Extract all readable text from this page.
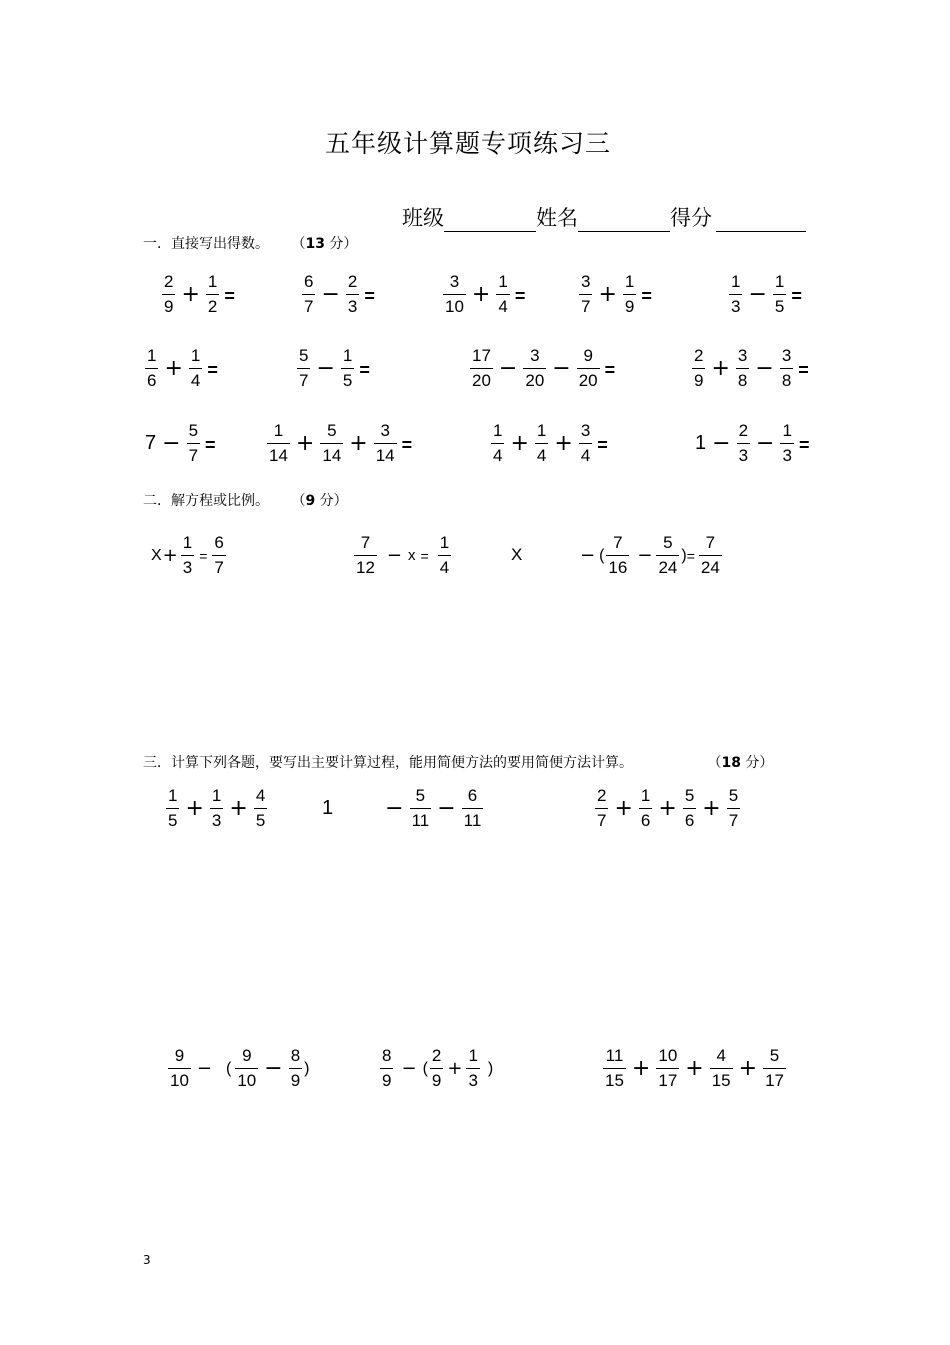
五年级计算题专项练习三
班级	姓名	得分
一．直接写出得数。 （13 分）
$\frac{2}{9} + \frac{1}{2}$ =	$\frac{6}{7} - \frac{2}{3}$ =	$\frac{3}{10} + \frac{1}{4}$ =	$\frac{3}{7} + \frac{1}{9}$ =	$\frac{1}{3} - \frac{1}{5}$ =
$\frac{1}{6} + \frac{1}{4}$ =	$\frac{5}{7} - \frac{1}{5}$ =	$\frac{17}{20} - \frac{3}{20} - \frac{9}{20}$ =	$\frac{2}{9} + \frac{3}{8} - \frac{3}{8}$ =
$7 - \frac{5}{7}$ =	$\frac{1}{14} + \frac{5}{14} + \frac{3}{14}$ =	$\frac{1}{4} + \frac{1}{4} + \frac{3}{4}$ =	$1 - \frac{2}{3} - \frac{1}{3}$ =
二．解方程或比例。 （9 分）
$X + \frac{1}{3} = \frac{6}{7}$	$\frac{7}{12} - x = \frac{1}{4}$	X	− ( $\frac{7}{16} - \frac{5}{24}$ ) = $\frac{7}{24}$
三．计算下列各题，要写出主要计算过程，能用简便方法的要用简便方法计算。	（18 分）
$\frac{1}{5} + \frac{1}{3} + \frac{4}{5}$	$1 - \frac{5}{11} - \frac{6}{11}$	$\frac{2}{7} + \frac{1}{6} + \frac{5}{6} + \frac{5}{7}$
$\frac{9}{10}$ − ( $\frac{9}{10} - \frac{8}{9}$ )	$\frac{8}{9}$ − ( $\frac{2}{9} + \frac{1}{3}$ )	$\frac{11}{15} + \frac{10}{17} + \frac{4}{15} + \frac{5}{17}$
3
